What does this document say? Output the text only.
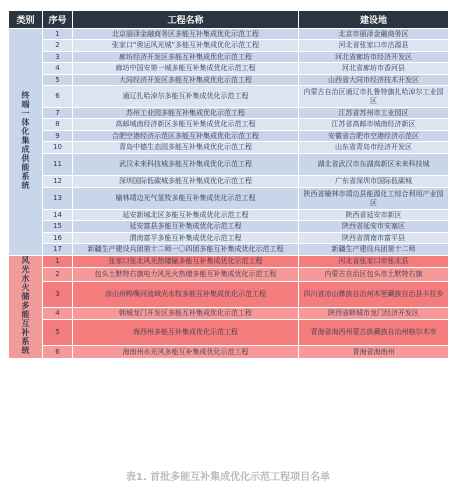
类别	序号	工程名称	建设地
终端一体化集成供能系统	1	北京丽泽金融商务区多能互补集成优化示范工程	北京市丽泽金融商务区
	2	张家口“奥运风光城”多能互补集成优化示范工程	河北省张家口市沽源县
	3	廊坊经济开发区多能互补集成优化示范工程	河北省廊坊市经济开发区
	4	廊坊中国安第一城多能互补集成优化示范工程	河北省廊坊市香河县
	5	大同经济开发区多能互补集成优化示范工程	山西省大同市经济技术开发区
	6	通辽扎哈淖尔多能互补集成优化示范工程	内蒙古自治区通辽市扎鲁特旗扎哈淖尔工业园区
	7	苏州工业园多能互补集成优化示范工程	江苏省苏州市工业园区
	8	高邮城南经济新区多能互补集成优化示范工程	江苏省高邮市城南经济新区
	9	合肥空港经济示范区多能互补集成优化示范工程	安徽省合肥市空港经济示范区
	10	青岛中德生态园多能互补集成优化示范工程	山东省青岛市经济开发区
	11	武汉未来科技城多能互补集成优化示范工程	湖北省武汉市东湖高新区未来科技城
	12	深圳国际低碳城多能互补集成优化示范工程	广东省深圳市国际低碳城
	13	榆林靖边光气氢牧多能互补集成优化示范工程	陕西省榆林市靖边县能源化工综合利用产业园区
	14	延安新城北区多能互补集成优化示范工程	陕西省延安市新区
	15	延安富县多能互补集成优化示范工程	陕西省延安市安塞区
	16	渭南富平多能互补集成优化示范工程	陕西省渭南市富平县
	17	新疆生产建设兵团第十二师一〇四团多能互补集成优化示范工程	新疆生产建设兵团第十二师
风光水火储多能互补系统	1	张家口张北风光热储输多能互补集成优化示范工程	河北省张家口市张北县
	2	包头土默特右旗电力风光火热储多能互补集成优化示范工程	内蒙古自治区包头市土默特右旗
	3	凉山州鸭嘴河流域光水牧多能互补集成优化示范工程	四川省凉山彝族自治州木里藏族自治县卡拉乡
	4	韩城龙门开发区多能互补集成优化示范工程	陕西省韩城市龙门经济开发区
	5	海西州多能互补集成优化示范工程	青海省海西州蒙古族藏族自治州格尔木市
	6	海南州水光风多能互补集成优化示范工程	青海省海南州
表1. 首批多能互补集成优化示范工程项目名单
